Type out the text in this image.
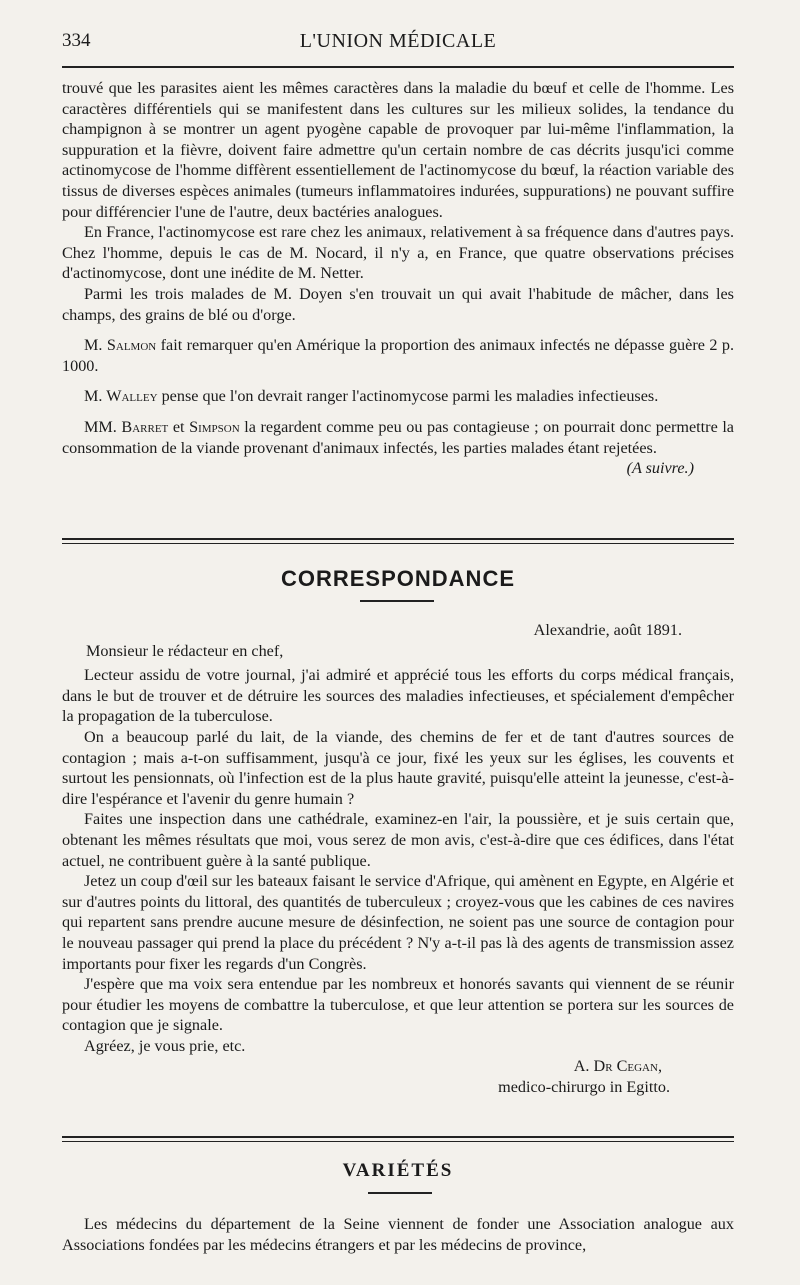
334	L'UNION MÉDICALE

trouvé que les parasites aient les mêmes caractères dans la maladie du bœuf et celle de l'homme. Les caractères différentiels qui se manifestent dans les cultures sur les milieux solides, la tendance du champignon à se montrer un agent pyogène capable de provoquer par lui-même l'inflammation, la suppuration et la fièvre, doivent faire admettre qu'un certain nombre de cas décrits jusqu'ici comme actinomycose de l'homme diffèrent essentiellement de l'actinomycose du bœuf, la réaction variable des tissus de diverses espèces animales (tumeurs inflammatoires indurées, suppurations) ne pouvant suffire pour différencier l'une de l'autre, deux bactéries analogues.

En France, l'actinomycose est rare chez les animaux, relativement à sa fréquence dans d'autres pays. Chez l'homme, depuis le cas de M. Nocard, il n'y a, en France, que quatre observations précises d'actinomycose, dont une inédite de M. Netter.

Parmi les trois malades de M. Doyen s'en trouvait un qui avait l'habitude de mâcher, dans les champs, des grains de blé ou d'orge.

M. Salmon fait remarquer qu'en Amérique la proportion des animaux infectés ne dépasse guère 2 p. 1000.

M. Walley pense que l'on devrait ranger l'actinomycose parmi les maladies infectieuses.

MM. Barret et Simpson la regardent comme peu ou pas contagieuse ; on pourrait donc permettre la consommation de la viande provenant d'animaux infectés, les parties malades étant rejetées.
(A suivre.)

CORRESPONDANCE

Alexandrie, août 1891.

Monsieur le rédacteur en chef,

Lecteur assidu de votre journal, j'ai admiré et apprécié tous les efforts du corps médical français, dans le but de trouver et de détruire les sources des maladies infectieuses, et spécialement d'empêcher la propagation de la tuberculose.

On a beaucoup parlé du lait, de la viande, des chemins de fer et de tant d'autres sources de contagion ; mais a-t-on suffisamment, jusqu'à ce jour, fixé les yeux sur les églises, les couvents et surtout les pensionnats, où l'infection est de la plus haute gravité, puisqu'elle atteint la jeunesse, c'est-à-dire l'espérance et l'avenir du genre humain ?

Faites une inspection dans une cathédrale, examinez-en l'air, la poussière, et je suis certain que, obtenant les mêmes résultats que moi, vous serez de mon avis, c'est-à-dire que ces édifices, dans l'état actuel, ne contribuent guère à la santé publique.

Jetez un coup d'œil sur les bateaux faisant le service d'Afrique, qui amènent en Egypte, en Algérie et sur d'autres points du littoral, des quantités de tuberculeux ; croyez-vous que les cabines de ces navires qui repartent sans prendre aucune mesure de désinfection, ne soient pas une source de contagion pour le nouveau passager qui prend la place du précédent ? N'y a-t-il pas là des agents de transmission assez importants pour fixer les regards d'un Congrès.

J'espère que ma voix sera entendue par les nombreux et honorés savants qui viennent de se réunir pour étudier les moyens de combattre la tuberculose, et que leur attention se portera sur les sources de contagion que je signale.

Agréez, je vous prie, etc.

A. Dr Cegan,

medico-chirurgo in Egitto.

VARIÉTÉS

Les médecins du département de la Seine viennent de fonder une Association analogue aux Associations fondées par les médecins étrangers et par les médecins de province,
